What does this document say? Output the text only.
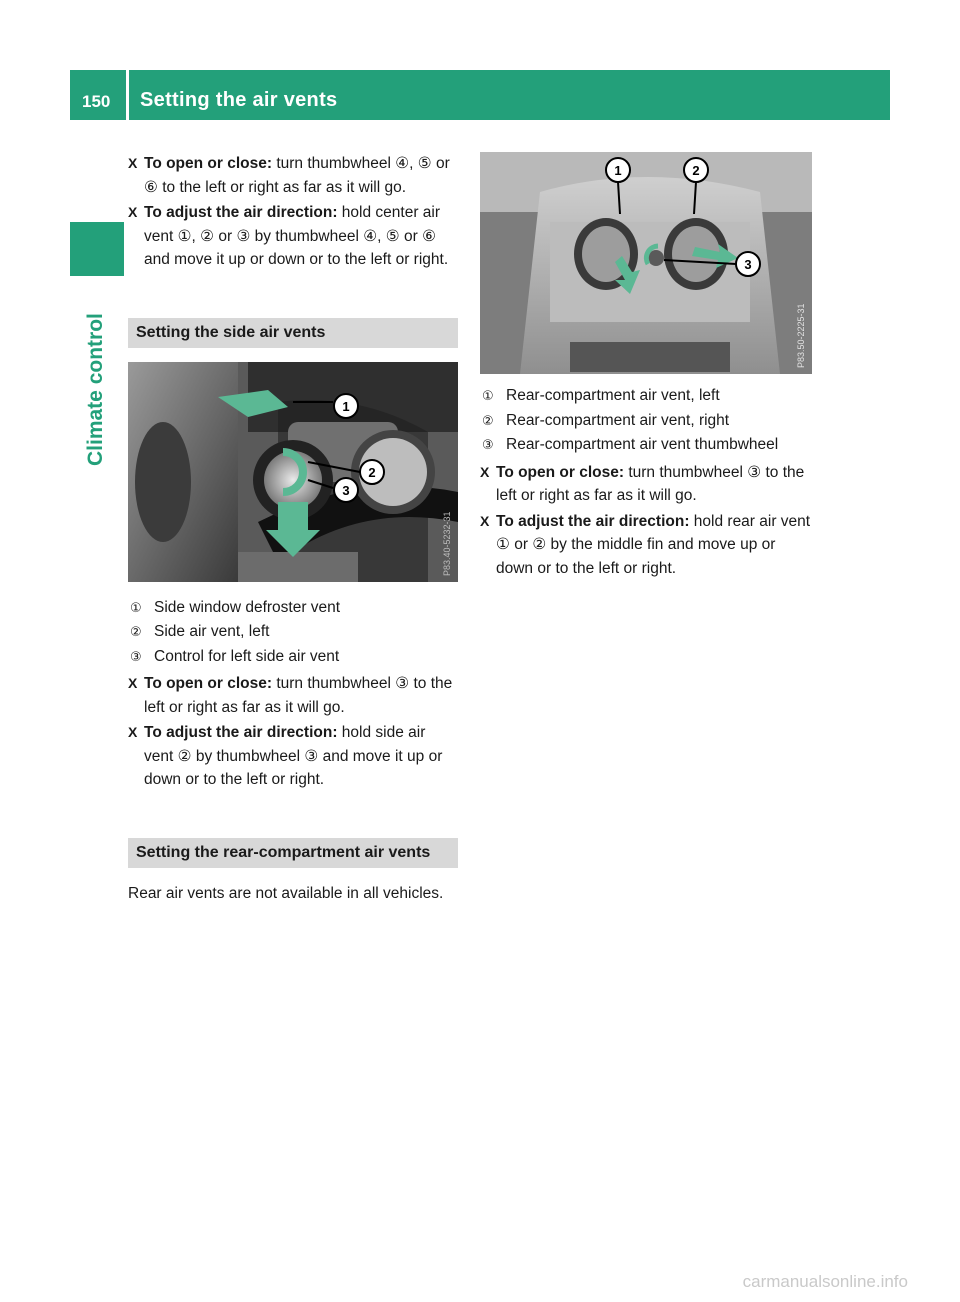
150 Setting the air vents
Climate control
X To open or close: turn thumbwheel ④, ⑤ or ⑥ to the left or right as far as it will go.
X To adjust the air direction: hold center air vent ①, ② or ③ by thumbwheel ④, ⑤ or ⑥ and move it up or down or to the left or right.
Setting the side air vents
1
2
3
P83.40-5232-31
① Side window defroster vent
② Side air vent, left
③ Control for left side air vent
X To open or close: turn thumbwheel ③ to the left or right as far as it will go.
X To adjust the air direction: hold side air vent ② by thumbwheel ③ and move it up or down or to the left or right.
Setting the rear-compartment air vents

Rear air vents are not available in all vehicles.

1	2
3
P83.50-2225-31
① Rear-compartment air vent, left
② Rear-compartment air vent, right
③ Rear-compartment air vent thumbwheel
X To open or close: turn thumbwheel ③ to the left or right as far as it will go.
X To adjust the air direction: hold rear air vent ① or ② by the middle fin and move up or down or to the left or right.
carmanualsonline.info
